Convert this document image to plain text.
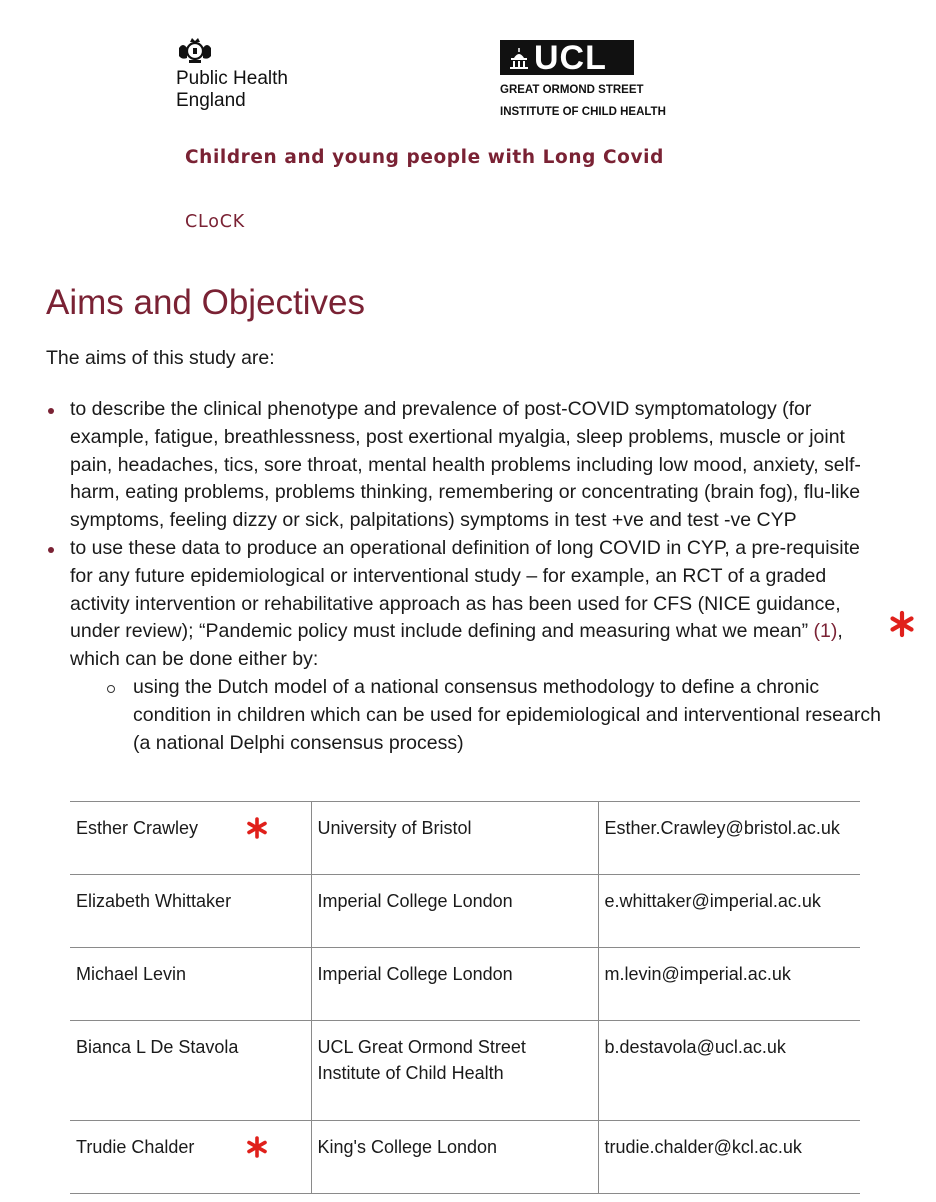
Public Health
England
UCL
GREAT ORMOND STREET
INSTITUTE OF CHILD HEALTH
Children and young people with Long Covid
CLoCK
Aims and Objectives

The aims of this study are:

to describe the clinical phenotype and prevalence of post-COVID symptomatology (for example, fatigue, breathlessness, post exertional myalgia, sleep problems, muscle or joint pain, headaches, tics, sore throat, mental health problems including low mood, anxiety, self-harm, eating problems, problems thinking, remembering or concentrating (brain fog), flu-like symptoms, feeling dizzy or sick, palpitations) symptoms in test +ve and test -ve CYP
to use these data to produce an operational definition of long COVID in CYP, a pre-requisite for any future epidemiological or interventional study – for example, an RCT of a graded activity intervention or rehabilitative approach as has been used for CFS (NICE guidance, under review); “Pandemic policy must include defining and measuring what we mean” (1), which can be done either by:
using the Dutch model of a national consensus methodology to define a chronic condition in children which can be used for epidemiological and interventional research (a national Delphi consensus process)
Esther Crawley	University of Bristol	Esther.Crawley@bristol.ac.uk
Elizabeth Whittaker	Imperial College London	e.whittaker@imperial.ac.uk
Michael Levin	Imperial College London	m.levin@imperial.ac.uk
Bianca L De Stavola	UCL Great Ormond Street Institute of Child Health	b.destavola@ucl.ac.uk
Trudie Chalder	King's College London	trudie.chalder@kcl.ac.uk
